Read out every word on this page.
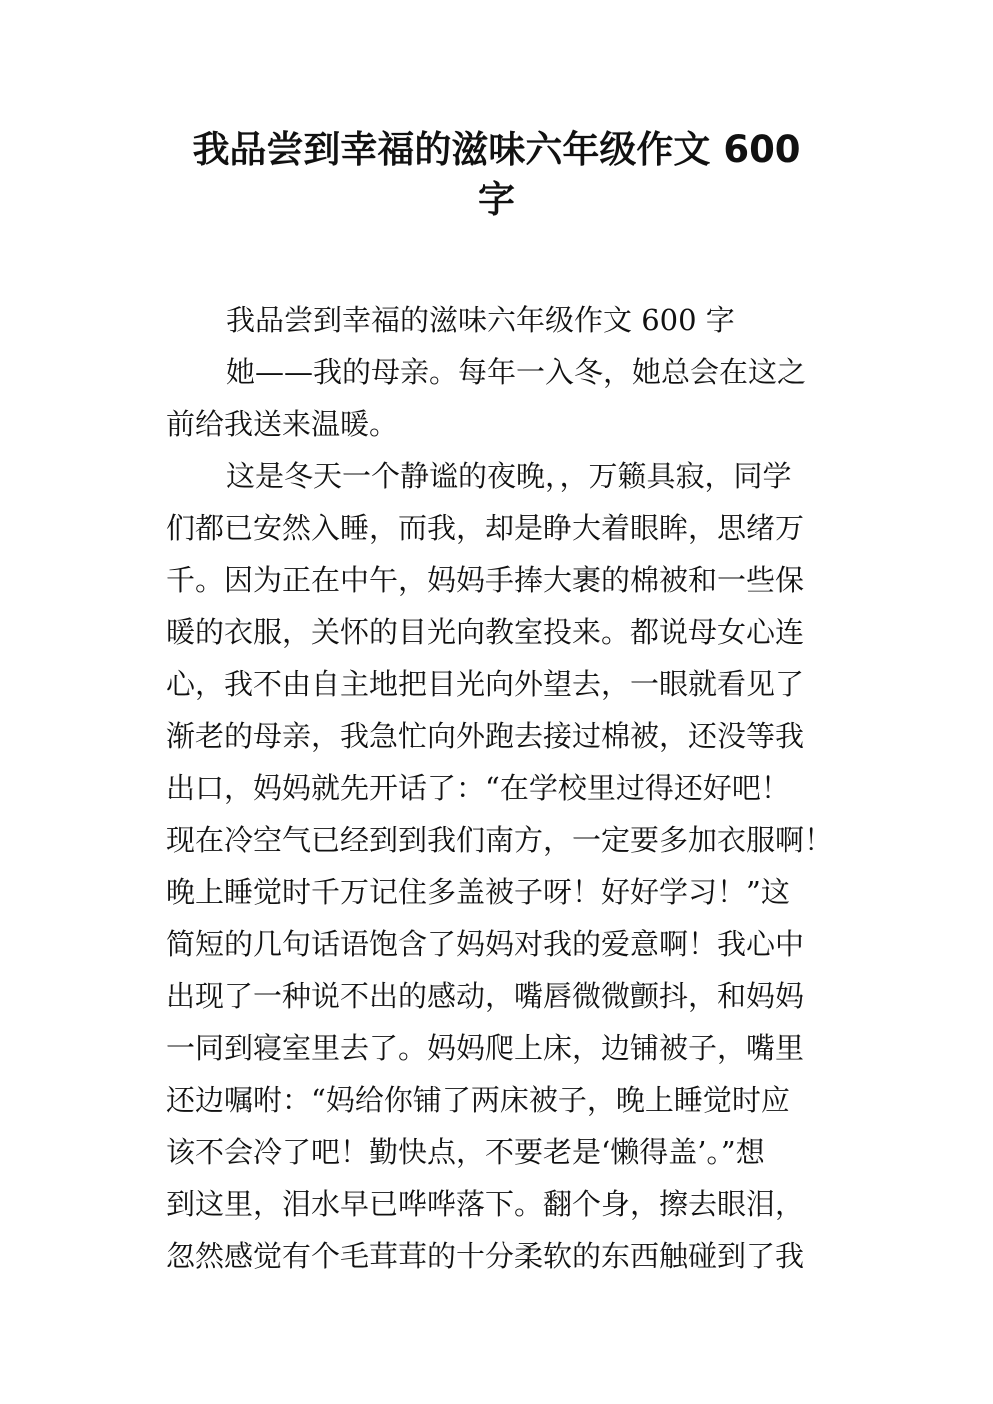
我品尝到幸福的滋味六年级作文 600
字
我品尝到幸福的滋味六年级作文 600 字
她——我的母亲。每年一入冬，她总会在这之
前给我送来温暖。
这是冬天一个静谧的夜晚，，万籁具寂，同学
们都已安然入睡，而我，却是睁大着眼眸，思绪万
千。因为正在中午，妈妈手捧大裹的棉被和一些保
暖的衣服，关怀的目光向教室投来。都说母女心连
心，我不由自主地把目光向外望去，一眼就看见了
渐老的母亲，我急忙向外跑去接过棉被，还没等我
出口，妈妈就先开话了：“在学校里过得还好吧！
现在冷空气已经到到我们南方，一定要多加衣服啊！
晚上睡觉时千万记住多盖被子呀！好好学习！”这
简短的几句话语饱含了妈妈对我的爱意啊！我心中
出现了一种说不出的感动，嘴唇微微颤抖，和妈妈
一同到寝室里去了。妈妈爬上床，边铺被子，嘴里
还边嘱咐：“妈给你铺了两床被子，晚上睡觉时应
该不会冷了吧！勤快点，不要老是‘懒得盖’。”想
到这里，泪水早已哗哗落下。翻个身，擦去眼泪，
忽然感觉有个毛茸茸的十分柔软的东西触碰到了我
